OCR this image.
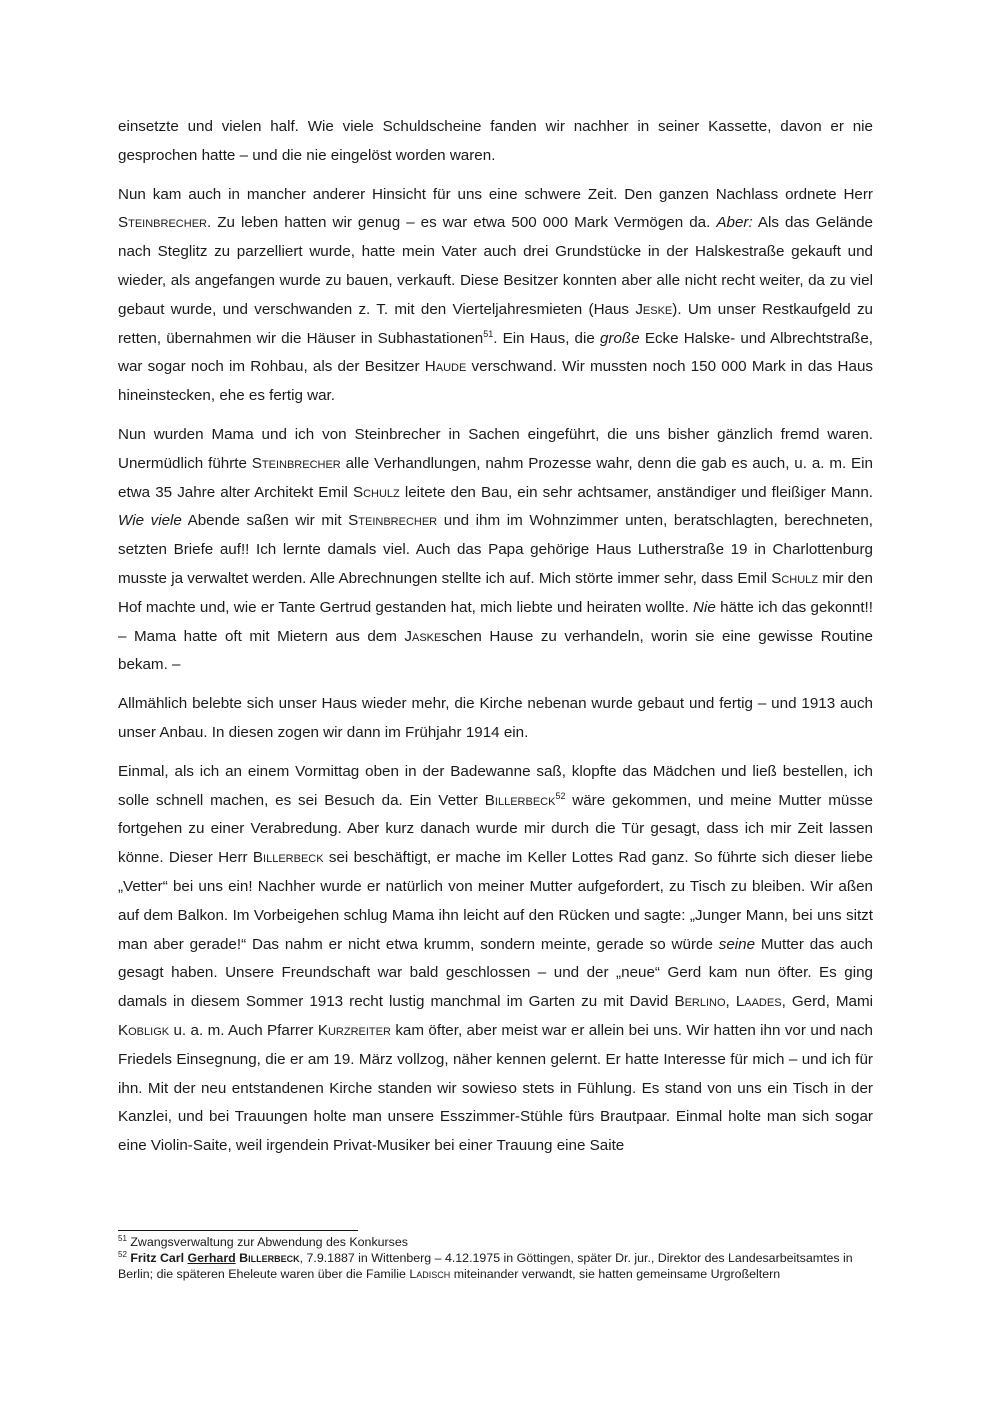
einsetzte und vielen half. Wie viele Schuldscheine fanden wir nachher in seiner Kassette, davon er nie gesprochen hatte – und die nie eingelöst worden waren.

Nun kam auch in mancher anderer Hinsicht für uns eine schwere Zeit. Den ganzen Nachlass ordnete Herr Steinbrecher. Zu leben hatten wir genug – es war etwa 500 000 Mark Vermögen da. Aber: Als das Gelände nach Steglitz zu parzelliert wurde, hatte mein Vater auch drei Grundstücke in der Halskestraße gekauft und wieder, als angefangen wurde zu bauen, verkauft. Diese Besitzer konnten aber alle nicht recht weiter, da zu viel gebaut wurde, und verschwanden z. T. mit den Vierteljahresmieten (Haus Jeske). Um unser Restkaufgeld zu retten, übernahmen wir die Häuser in Subhastationen$^{51}$. Ein Haus, die große Ecke Halske- und Albrechtstraße, war sogar noch im Rohbau, als der Besitzer Haude verschwand. Wir mussten noch 150 000 Mark in das Haus hineinstecken, ehe es fertig war.

Nun wurden Mama und ich von Steinbrecher in Sachen eingeführt, die uns bisher gänzlich fremd waren. Unermüdlich führte Steinbrecher alle Verhandlungen, nahm Prozesse wahr, denn die gab es auch, u. a. m. Ein etwa 35 Jahre alter Architekt Emil Schulz leitete den Bau, ein sehr achtsamer, anständiger und fleißiger Mann. Wie viele Abende saßen wir mit Steinbrecher und ihm im Wohnzimmer unten, beratschlagten, berechneten, setzten Briefe auf!! Ich lernte damals viel. Auch das Papa gehörige Haus Lutherstraße 19 in Charlottenburg musste ja verwaltet werden. Alle Abrechnungen stellte ich auf. Mich störte immer sehr, dass Emil Schulz mir den Hof machte und, wie er Tante Gertrud gestanden hat, mich liebte und heiraten wollte. Nie hätte ich das gekonnt!! – Mama hatte oft mit Mietern aus dem Jaskeschen Hause zu verhandeln, worin sie eine gewisse Routine bekam. –

Allmählich belebte sich unser Haus wieder mehr, die Kirche nebenan wurde gebaut und fertig – und 1913 auch unser Anbau. In diesen zogen wir dann im Frühjahr 1914 ein.

Einmal, als ich an einem Vormittag oben in der Badewanne saß, klopfte das Mädchen und ließ bestellen, ich solle schnell machen, es sei Besuch da. Ein Vetter Billerbeck$^{52}$ wäre gekommen, und meine Mutter müsse fortgehen zu einer Verabredung. Aber kurz danach wurde mir durch die Tür gesagt, dass ich mir Zeit lassen könne. Dieser Herr Billerbeck sei beschäftigt, er mache im Keller Lottes Rad ganz. So führte sich dieser liebe „Vetter“ bei uns ein! Nachher wurde er natürlich von meiner Mutter aufgefordert, zu Tisch zu bleiben. Wir aßen auf dem Balkon. Im Vorbeigehen schlug Mama ihn leicht auf den Rücken und sagte: „Junger Mann, bei uns sitzt man aber gerade!“ Das nahm er nicht etwa krumm, sondern meinte, gerade so würde seine Mutter das auch gesagt haben. Unsere Freundschaft war bald geschlossen – und der „neue“ Gerd kam nun öfter. Es ging damals in diesem Sommer 1913 recht lustig manchmal im Garten zu mit David Berlino, Laades, Gerd, Mami Kobligk u. a. m. Auch Pfarrer Kurzreiter kam öfter, aber meist war er allein bei uns. Wir hatten ihn vor und nach Friedels Einsegnung, die er am 19. März vollzog, näher kennen gelernt. Er hatte Interesse für mich – und ich für ihn. Mit der neu entstandenen Kirche standen wir sowieso stets in Fühlung. Es stand von uns ein Tisch in der Kanzlei, und bei Trauungen holte man unsere Esszimmer-Stühle fürs Brautpaar. Einmal holte man sich sogar eine Violin-Saite, weil irgendein Privat-Musiker bei einer Trauung eine Saite

$^{51}$ Zwangsverwaltung zur Abwendung des Konkurses

$^{52}$ Fritz Carl Gerhard Billerbeck, 7.9.1887 in Wittenberg – 4.12.1975 in Göttingen, später Dr. jur., Direktor des Landesarbeitsamtes in Berlin; die späteren Eheleute waren über die Familie Ladisch miteinander verwandt, sie hatten gemeinsame Urgroßeltern
